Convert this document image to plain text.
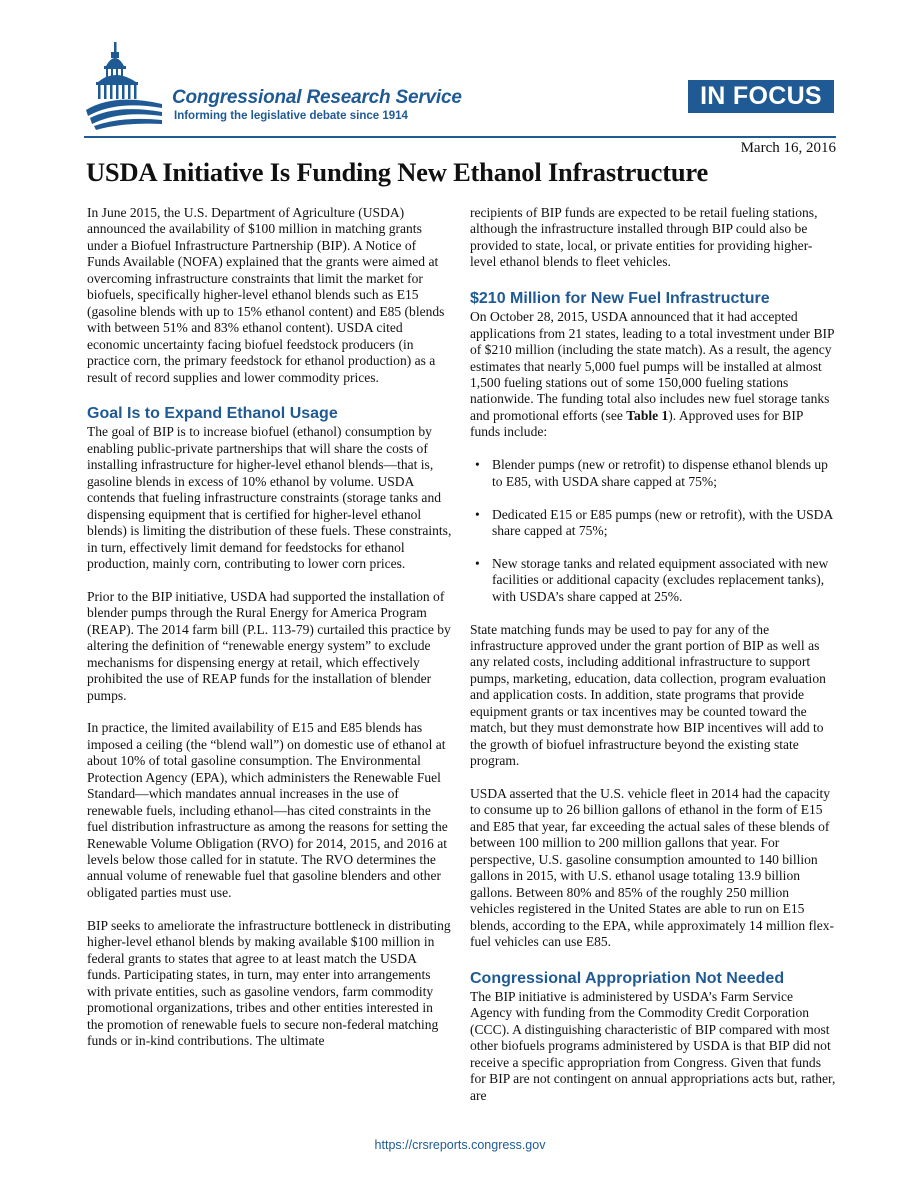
Congressional Research Service
Informing the legislative debate since 1914
IN FOCUS
March 16, 2016
USDA Initiative Is Funding New Ethanol Infrastructure

In June 2015, the U.S. Department of Agriculture (USDA) announced the availability of $100 million in matching grants under a Biofuel Infrastructure Partnership (BIP). A Notice of Funds Available (NOFA) explained that the grants were aimed at overcoming infrastructure constraints that limit the market for biofuels, specifically higher-level ethanol blends such as E15 (gasoline blends with up to 15% ethanol content) and E85 (blends with between 51% and 83% ethanol content). USDA cited economic uncertainty facing biofuel feedstock producers (in practice corn, the primary feedstock for ethanol production) as a result of record supplies and lower commodity prices.

Goal Is to Expand Ethanol Usage

The goal of BIP is to increase biofuel (ethanol) consumption by enabling public-private partnerships that will share the costs of installing infrastructure for higher-level ethanol blends—that is, gasoline blends in excess of 10% ethanol by volume. USDA contends that fueling infrastructure constraints (storage tanks and dispensing equipment that is certified for higher-level ethanol blends) is limiting the distribution of these fuels. These constraints, in turn, effectively limit demand for feedstocks for ethanol production, mainly corn, contributing to lower corn prices.

Prior to the BIP initiative, USDA had supported the installation of blender pumps through the Rural Energy for America Program (REAP). The 2014 farm bill (P.L. 113-79) curtailed this practice by altering the definition of “renewable energy system” to exclude mechanisms for dispensing energy at retail, which effectively prohibited the use of REAP funds for the installation of blender pumps.

In practice, the limited availability of E15 and E85 blends has imposed a ceiling (the “blend wall”) on domestic use of ethanol at about 10% of total gasoline consumption. The Environmental Protection Agency (EPA), which administers the Renewable Fuel Standard—which mandates annual increases in the use of renewable fuels, including ethanol—has cited constraints in the fuel distribution infrastructure as among the reasons for setting the Renewable Volume Obligation (RVO) for 2014, 2015, and 2016 at levels below those called for in statute. The RVO determines the annual volume of renewable fuel that gasoline blenders and other obligated parties must use.

BIP seeks to ameliorate the infrastructure bottleneck in distributing higher-level ethanol blends by making available $100 million in federal grants to states that agree to at least match the USDA funds. Participating states, in turn, may enter into arrangements with private entities, such as gasoline vendors, farm commodity promotional organizations, tribes and other entities interested in the promotion of renewable fuels to secure non-federal matching funds or in-kind contributions. The ultimate

recipients of BIP funds are expected to be retail fueling stations, although the infrastructure installed through BIP could also be provided to state, local, or private entities for providing higher-level ethanol blends to fleet vehicles.

$210 Million for New Fuel Infrastructure

On October 28, 2015, USDA announced that it had accepted applications from 21 states, leading to a total investment under BIP of $210 million (including the state match). As a result, the agency estimates that nearly 5,000 fuel pumps will be installed at almost 1,500 fueling stations out of some 150,000 fueling stations nationwide. The funding total also includes new fuel storage tanks and promotional efforts (see Table 1). Approved uses for BIP funds include:

• Blender pumps (new or retrofit) to dispense ethanol blends up to E85, with USDA share capped at 75%;
• Dedicated E15 or E85 pumps (new or retrofit), with the USDA share capped at 75%;
• New storage tanks and related equipment associated with new facilities or additional capacity (excludes replacement tanks), with USDA’s share capped at 25%.

State matching funds may be used to pay for any of the infrastructure approved under the grant portion of BIP as well as any related costs, including additional infrastructure to support pumps, marketing, education, data collection, program evaluation and application costs. In addition, state programs that provide equipment grants or tax incentives may be counted toward the match, but they must demonstrate how BIP incentives will add to the growth of biofuel infrastructure beyond the existing state program.

USDA asserted that the U.S. vehicle fleet in 2014 had the capacity to consume up to 26 billion gallons of ethanol in the form of E15 and E85 that year, far exceeding the actual sales of these blends of between 100 million to 200 million gallons that year. For perspective, U.S. gasoline consumption amounted to 140 billion gallons in 2015, with U.S. ethanol usage totaling 13.9 billion gallons. Between 80% and 85% of the roughly 250 million vehicles registered in the United States are able to run on E15 blends, according to the EPA, while approximately 14 million flex-fuel vehicles can use E85.

Congressional Appropriation Not Needed

The BIP initiative is administered by USDA’s Farm Service Agency with funding from the Commodity Credit Corporation (CCC). A distinguishing characteristic of BIP compared with most other biofuels programs administered by USDA is that BIP did not receive a specific appropriation from Congress. Given that funds for BIP are not contingent on annual appropriations acts but, rather, are

https://crsreports.congress.gov
